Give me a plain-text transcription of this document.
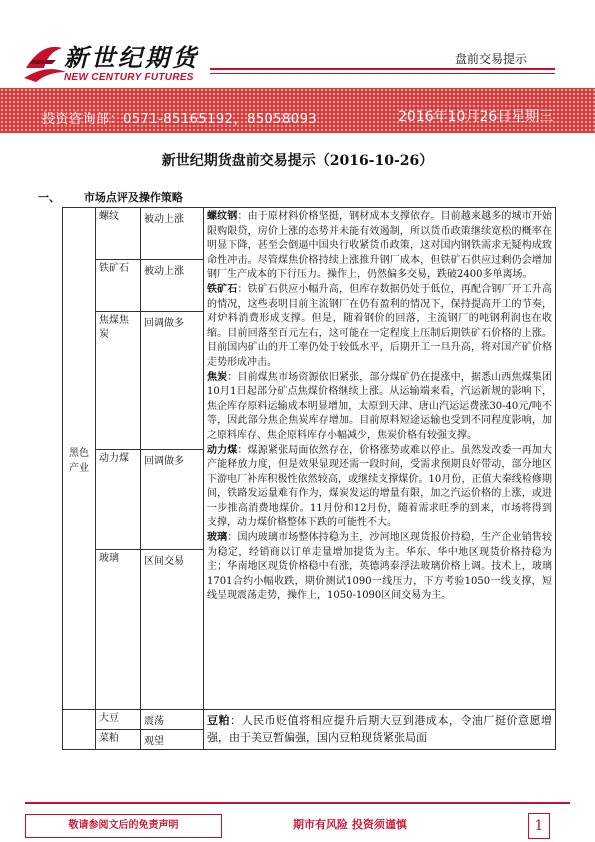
新世纪期货
NEW CENTURY FUTURES
盘前交易提示
投资咨询部：0571-85165192，85058093	2016年10月26日星期三
新世纪期货盘前交易提示（2016-10-26）
一、 市场点评及操作策略
黑色产业	螺纹	被动上涨	螺纹钢：由于原材料价格坚挺，钢材成本支撑依存。目前越来越多的城市开始限购限贷，房价上涨的态势并未能有效遏制，所以货币政策继续宽松的概率在明显下降，甚至会倒逼中国央行收紧货币政策，这对国内钢铁需求无疑构成致命性冲击。尽管煤焦价格持续上涨推升钢厂成本，但铁矿石供应过剩仍会增加钢厂生产成本的下行压力。操作上，仍然偏多交易，跌破2400多单离场。

铁矿石：铁矿石供应小幅升高，但库存数据仍处于低位，再配合钢厂开工升高的情况，这些表明目前主流钢厂在仍有盈利的情况下，保持提高开工的节奏，对炉料消费形成支撑。但是，随着钢价的回落，主流钢厂的吨钢利润也在收缩。目前回落至百元左右，这可能在一定程度上压制后期铁矿石价格的上涨。目前国内矿山的开工率仍处于较低水平，后期开工一旦升高，将对国产矿价格走势形成冲击。

焦炭：目前煤焦市场资源依旧紧张，部分煤矿仍在提涨中，据悉山西焦煤集团10月1日起部分矿点焦煤价格继续上涨。从运输端来看，汽运新规的影响下，焦企库存原料运输成本明显增加，太原到天津、唐山汽运运费涨30-40元/吨不等，因此部分焦企焦炭库存增加。目前原料短途运输也受到不同程度影响，加之原料库存、焦企原料库存小幅减少，焦炭价格有较强支撑。

动力煤：煤源紧张局面依然存在，价格涨势或难以停止。虽然发改委一再加大产能释放力度，但是效果显现还需一段时间，受需求预期良好带动，部分地区下游电厂补库积极性依然较高，或继续支撑煤价。10月份，正值大秦线检修期间，铁路发运量难有作为，煤炭发运的增量有限，加之汽运价格的上涨，或进一步推高消费地煤价。11月份和12月份，随着需求旺季的到来，市场将得到支撑，动力煤价格整体下跌的可能性不大。

玻璃：国内玻璃市场整体持稳为主，沙河地区现货报价持稳，生产企业销售较为稳定，经销商以订单走量增加提货为主。华东、华中地区现货价格持稳为主；华南地区现货价格稳中有涨，英德鸿泰浮法玻璃价格上调。技术上，玻璃1701合约小幅收跌，期价测试1090一线压力，下方考验1050一线支撑，短线呈现震荡走势，操作上，1050-1090区间交易为主。

	铁矿石	被动上涨	
	焦煤焦炭	回调做多	
	动力煤	回调做多	
	玻璃	区间交易	
	大豆	震荡	豆粕：人民币贬值将相应提升后期大豆到港成本，令油厂挺价意愿增强，由于美豆暂偏强，国内豆粕现货紧张局面
	菜粕	观望	
敬请参阅文后的免责声明	期市有风险 投资须谨慎	1
